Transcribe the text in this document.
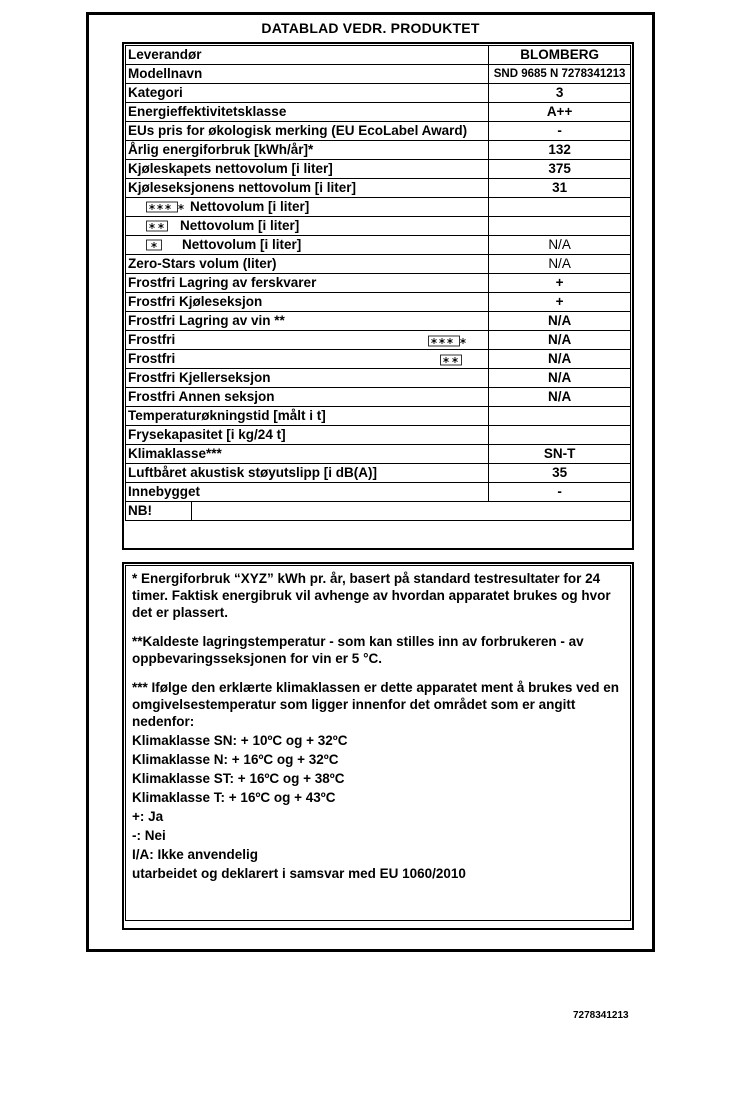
DATABLAD VEDR. PRODUKTET
Leverandør	BLOMBERG
Modellnavn	SND 9685 N 7278341213
Kategori	3
Energieffektivitetsklasse	A++
EUs pris for økologisk merking (EU EcoLabel Award)	-
Årlig energiforbruk [kWh/år]*	132
Kjøleskapets nettovolum [i liter]	375
Kjøleseksjonens nettovolum [i liter]	31

Nettovolum [i liter]	

Nettovolum [i liter]	

Nettovolum [i liter]	N/A
Zero-Stars volum (liter)	N/A
Frostfri Lagring av ferskvarer	+
Frostfri Kjøleseksjon	+
Frostfri Lagring av vin **	N/A
Frostfri	N/A
Frostfri	N/A
Frostfri Kjellerseksjon	N/A
Frostfri Annen seksjon	N/A
Temperaturøkningstid [målt i t]	
Frysekapasitet [i kg/24 t]	
Klimaklasse***	SN-T
Luftbåret akustisk støyutslipp [i dB(A)]	35
Innebygget	-
NB!	

* Energiforbruk “XYZ” kWh pr. år, basert på standard testresultater for 24 timer. Faktisk energibruk vil avhenge av hvordan apparatet brukes og hvor det er plassert.

**Kaldeste lagringstemperatur - som kan stilles inn av forbrukeren - av oppbevaringsseksjonen for vin er 5 °C.

*** Ifølge den erklærte klimaklassen er dette apparatet ment å brukes ved en omgivelsestemperatur som ligger innenfor det området som er angitt nedenfor:

Klimaklasse SN: + 10ºC og + 32ºC
Klimaklasse N: + 16ºC og + 32ºC
Klimaklasse ST: + 16ºC og + 38ºC
Klimaklasse T: + 16ºC og + 43ºC
+: Ja
-: Nei
I/A: Ikke anvendelig
utarbeidet og deklarert i samsvar med EU 1060/2010
7278341213
